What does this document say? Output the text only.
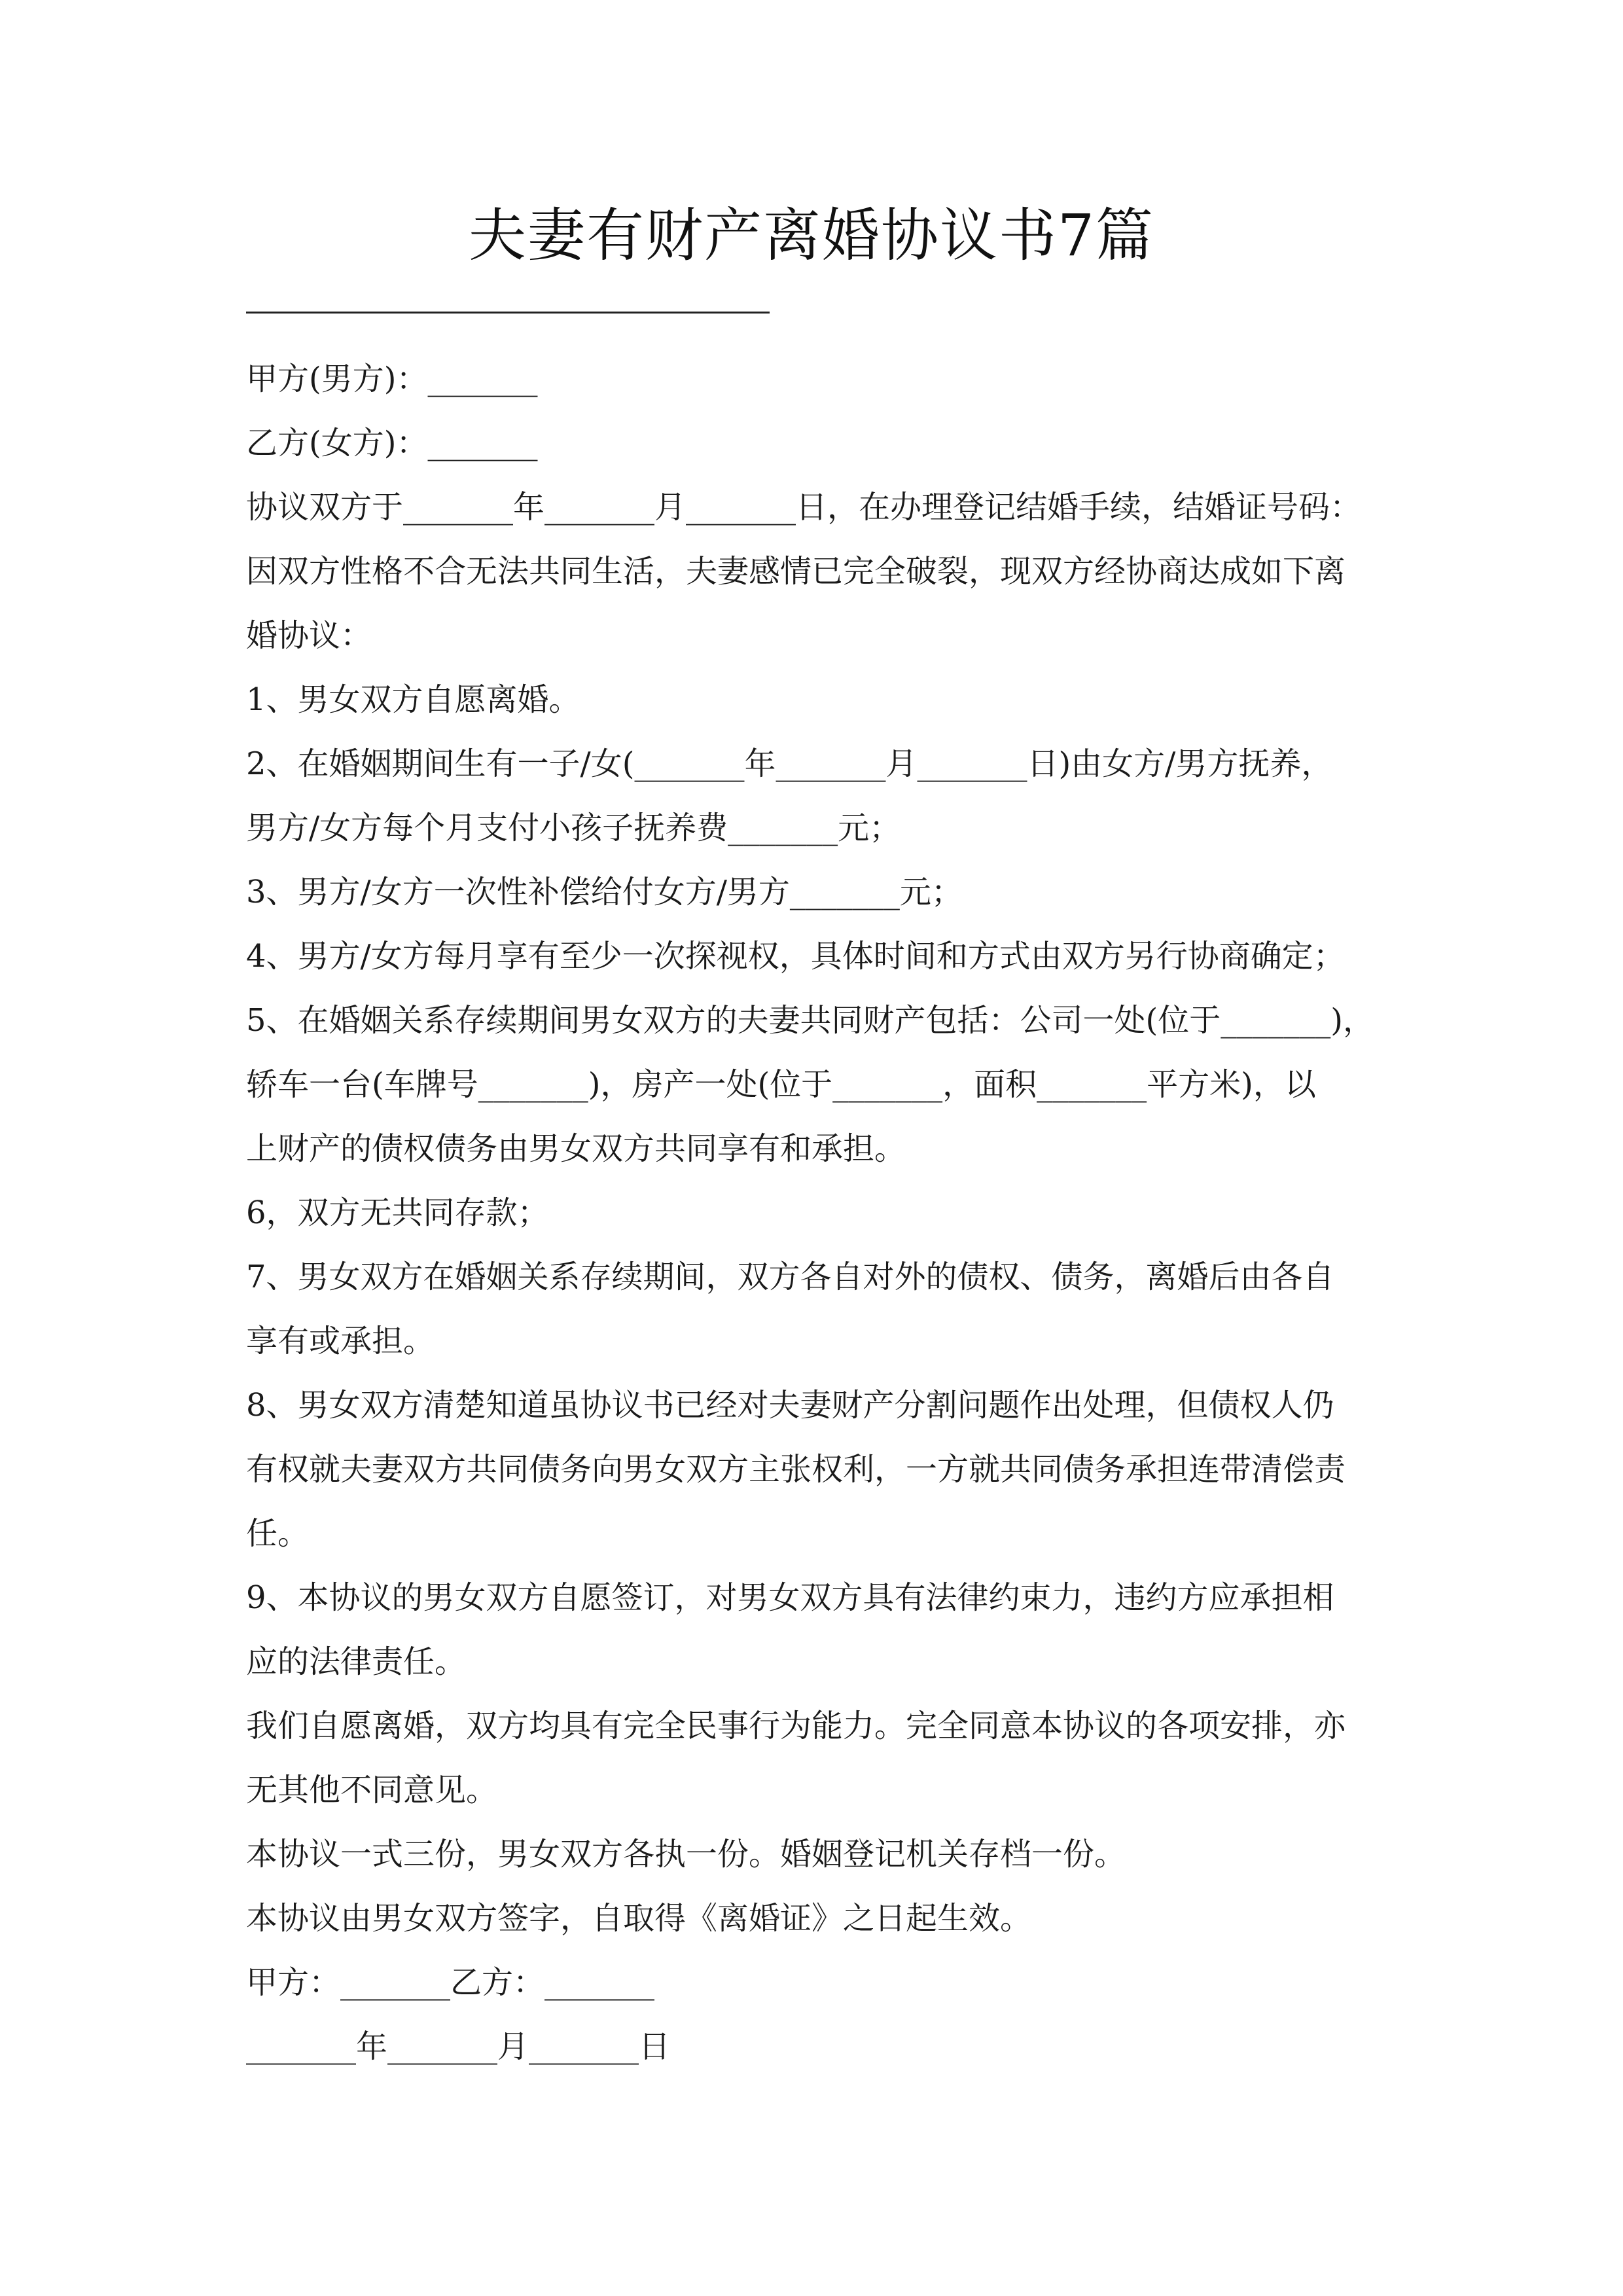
夫妻有财产离婚协议书7篇
甲方(男方)：_______
乙方(女方)：_______
协议双方于_______年_______月_______日，在办理登记结婚手续，结婚证号码：
因双方性格不合无法共同生活，夫妻感情已完全破裂，现双方经协商达成如下离
婚协议：
1、男女双方自愿离婚。
2、在婚姻期间生有一子/女(_______年_______月_______日)由女方/男方抚养，
男方/女方每个月支付小孩子抚养费_______元；
3、男方/女方一次性补偿给付女方/男方_______元；
4、男方/女方每月享有至少一次探视权，具体时间和方式由双方另行协商确定；
5、在婚姻关系存续期间男女双方的夫妻共同财产包括：公司一处(位于_______)，
轿车一台(车牌号_______)，房产一处(位于_______，面积_______平方米)，以
上财产的债权债务由男女双方共同享有和承担。
6，双方无共同存款；
7、男女双方在婚姻关系存续期间，双方各自对外的债权、债务，离婚后由各自
享有或承担。
8、男女双方清楚知道虽协议书已经对夫妻财产分割问题作出处理，但债权人仍
有权就夫妻双方共同债务向男女双方主张权利，一方就共同债务承担连带清偿责
任。
9、本协议的男女双方自愿签订，对男女双方具有法律约束力，违约方应承担相
应的法律责任。
我们自愿离婚，双方均具有完全民事行为能力。完全同意本协议的各项安排，亦
无其他不同意见。
本协议一式三份，男女双方各执一份。婚姻登记机关存档一份。
本协议由男女双方签字，自取得《离婚证》之日起生效。
甲方：_______乙方：_______
_______年_______月_______日
